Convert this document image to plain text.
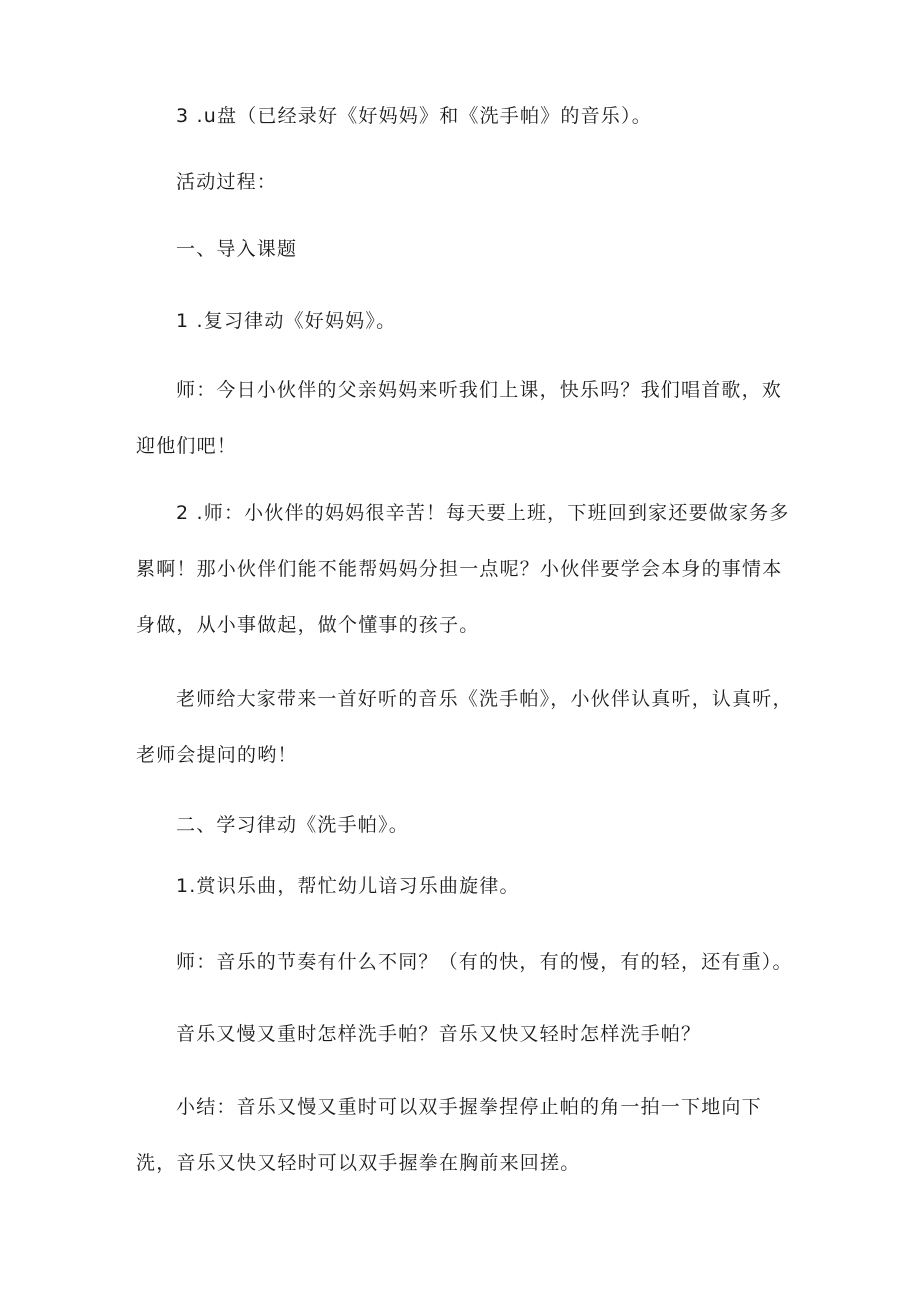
3 .u盘（已经录好《好妈妈》和《洗手帕》的音乐）。

活动过程：

一、导入课题

1 .复习律动《好妈妈》。

师：今日小伙伴的父亲妈妈来听我们上课，快乐吗？我们唱首歌，欢迎他们吧！

2 .师：小伙伴的妈妈很辛苦！每天要上班，下班回到家还要做家务多累啊！那小伙伴们能不能帮妈妈分担一点呢？小伙伴要学会本身的事情本身做，从小事做起，做个懂事的孩子。

老师给大家带来一首好听的音乐《洗手帕》，小伙伴认真听，认真听，老师会提问的哟！

二、学习律动《洗手帕》。

1.赏识乐曲，帮忙幼儿谙习乐曲旋律。

师：音乐的节奏有什么不同？（有的快，有的慢，有的轻，还有重）。

音乐又慢又重时怎样洗手帕？音乐又快又轻时怎样洗手帕？

小结：音乐又慢又重时可以双手握拳捏停止帕的角一拍一下地向下洗，音乐又快又轻时可以双手握拳在胸前来回搓。
